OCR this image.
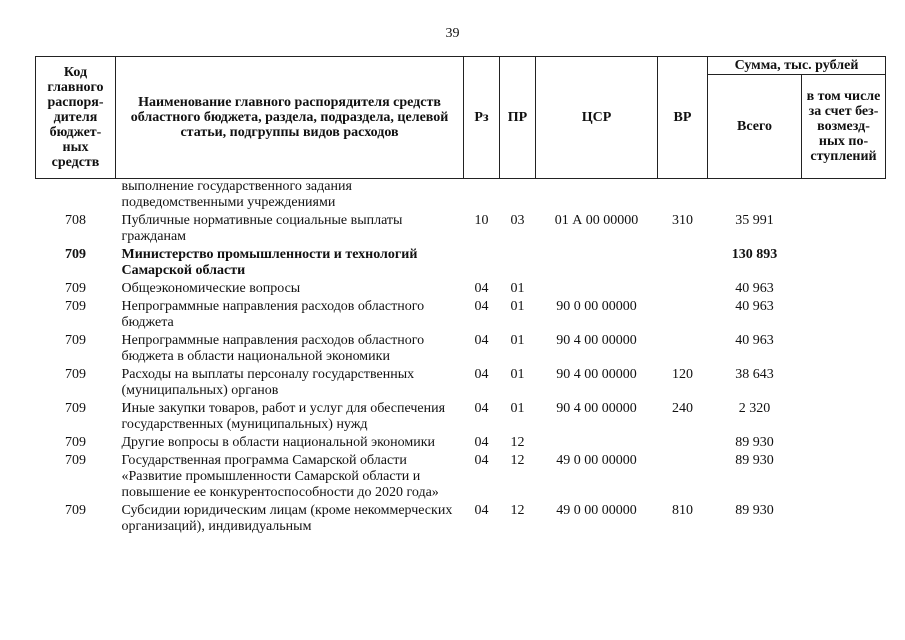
39
Код главного распоря-дителя бюджет-ных средств	Наименование главного распорядителя средств областного бюджета, раздела, подраздела, целевой статьи, подгруппы видов расходов	Рз	ПР	ЦСР	ВР	Сумма, тыс. рублей	
						Всего	в том числе за счет без-возмезд-ных по-ступлений
	выполнение государственного задания подведомственными учреждениями						
708	Публичные нормативные социальные выплаты гражданам	10	03	01 А 00 00000	310	35 991	
709	Министерство промышленности и технологий Самарской области					130 893	
709	Общеэкономические вопросы	04	01			40 963	
709	Непрограммные направления расходов областного бюджета	04	01	90 0 00 00000		40 963	
709	Непрограммные направления расходов областного бюджета в области национальной экономики	04	01	90 4 00 00000		40 963	
709	Расходы на выплаты персоналу государственных (муниципальных) органов	04	01	90 4 00 00000	120	38 643	
709	Иные закупки товаров, работ и услуг для обеспечения государственных (муниципальных) нужд	04	01	90 4 00 00000	240	2 320	
709	Другие вопросы в области национальной экономики	04	12			89 930	
709	Государственная программа Самарской области «Развитие промышленности Самарской области и повышение ее конкурентоспособности до 2020 года»	04	12	49 0 00 00000		89 930	
709	Субсидии юридическим лицам (кроме некоммерческих организаций), индивидуальным	04	12	49 0 00 00000	810	89 930	
